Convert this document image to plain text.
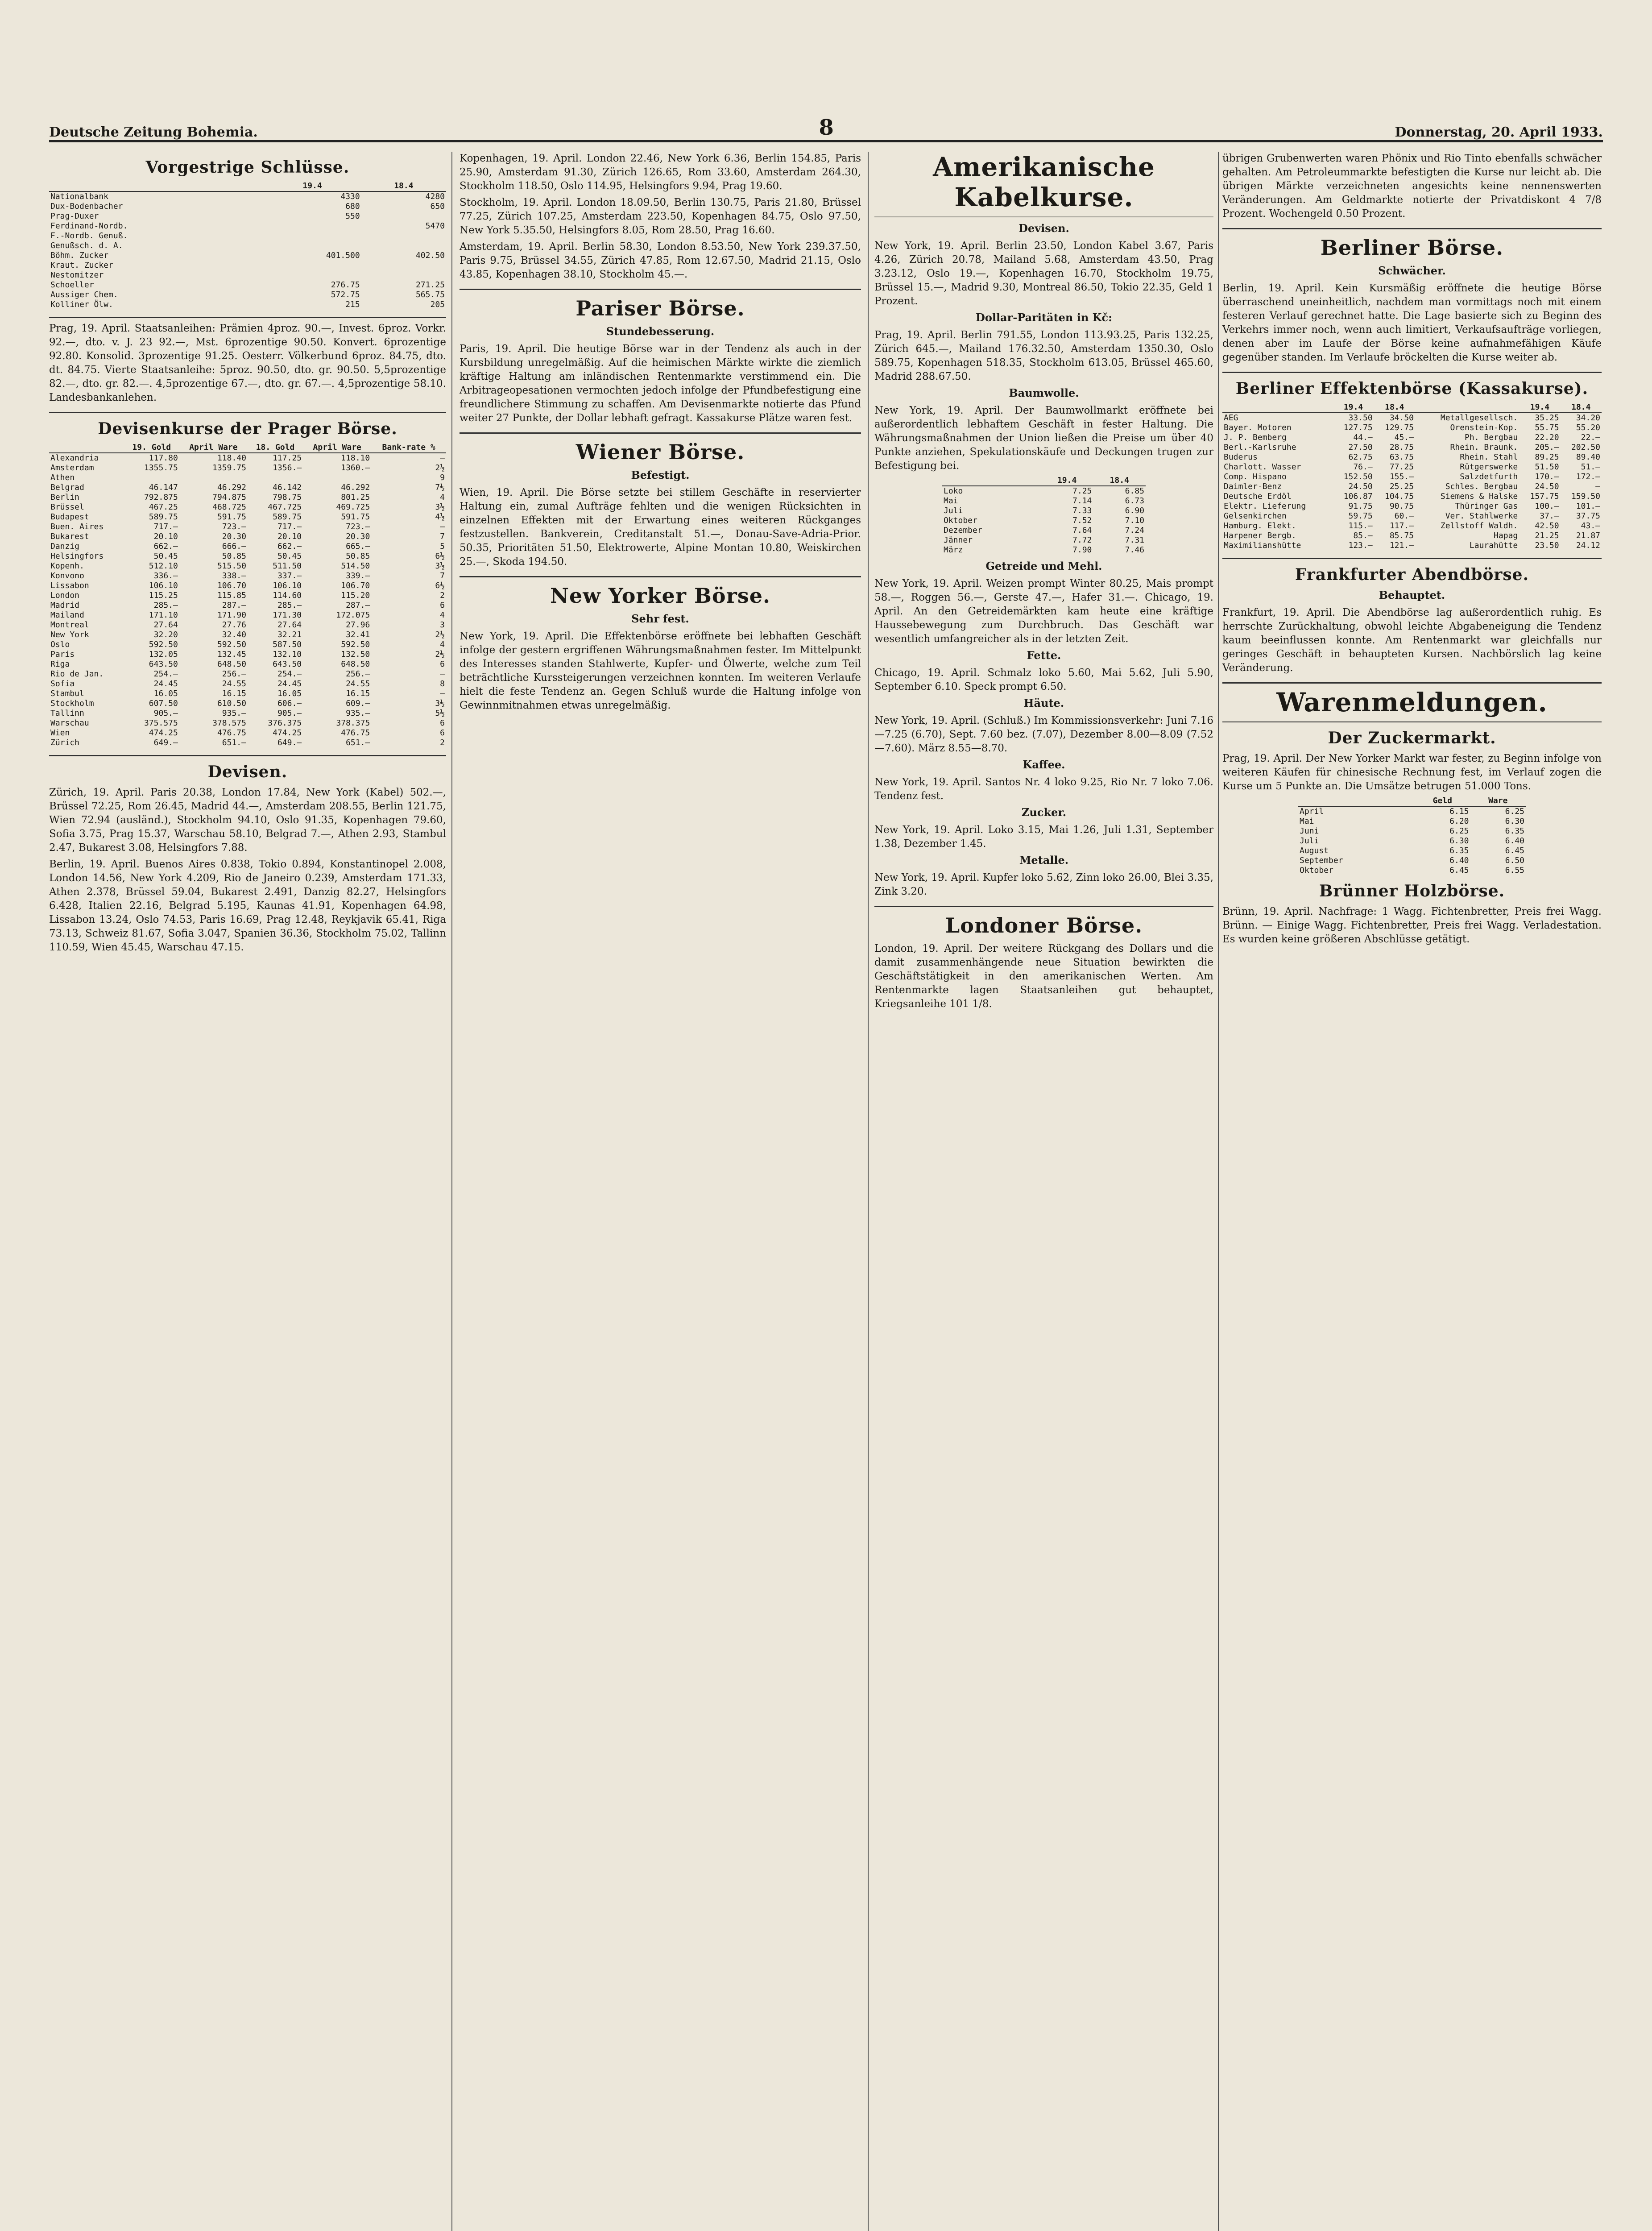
Deutsche Zeitung Bohemia.	8	Donnerstag, 20. April 1933.
Vorgestrige Schlüsse.
	19.4	18.4
Nationalbank	4330	4280
Dux-Bodenbacher	680	650
Prag-Duxer	550	
Ferdinand-Nordb.		5470
F.-Nordb. Genuß.		
Genußsch. d. A.		
Böhm. Zucker	401.500	402.50
Kraut. Zucker		
Nestomitzer		
Schoeller	276.75	271.25
Aussiger Chem.	572.75	565.75
Kolliner Ölw.	215	205

Prag, 19. April. Staatsanleihen: Prämien 4proz. 90.—, Invest. 6proz. Vorkr. 92.—, dto. v. J. 23 92.—, Mst. 6prozentige 90.50. Konvert. 6prozentige 92.80. Konsolid. 3prozentige 91.25. Oesterr. Völkerbund 6proz. 84.75, dto. dt. 84.75. Vierte Staatsanleihe: 5proz. 90.50, dto. gr. 90.50. 5,5prozentige 82.—, dto. gr. 82.—. 4,5prozentige 67.—, dto. gr. 67.—. 4,5prozentige 58.10. Landesbankanlehen.

Devisenkurse der Prager Börse.
	19. Gold	April Ware	18. Gold	April Ware	Bank-rate %
Alexandria	117.80	118.40	117.25	118.10	—
Amsterdam	1355.75	1359.75	1356.—	1360.—	2½
Athen					9
Belgrad	46.147	46.292	46.142	46.292	7½
Berlin	792.875	794.875	798.75	801.25	4
Brüssel	467.25	468.725	467.725	469.725	3½
Budapest	589.75	591.75	589.75	591.75	4½
Buen. Aires	717.—	723.—	717.—	723.—	—
Bukarest	20.10	20.30	20.10	20.30	7
Danzig	662.—	666.—	662.—	665.—	5
Helsingfors	50.45	50.85	50.45	50.85	6½
Kopenh.	512.10	515.50	511.50	514.50	3½
Konvono	336.—	338.—	337.—	339.—	7
Lissabon	106.10	106.70	106.10	106.70	6½
London	115.25	115.85	114.60	115.20	2
Madrid	285.—	287.—	285.—	287.—	6
Mailand	171.10	171.90	171.30	172.075	4
Montreal	27.64	27.76	27.64	27.96	3
New York	32.20	32.40	32.21	32.41	2½
Oslo	592.50	592.50	587.50	592.50	4
Paris	132.05	132.45	132.10	132.50	2½
Riga	643.50	648.50	643.50	648.50	6
Rio de Jan.	254.—	256.—	254.—	256.—	—
Sofia	24.45	24.55	24.45	24.55	8
Stambul	16.05	16.15	16.05	16.15	—
Stockholm	607.50	610.50	606.—	609.—	3½
Tallinn	905.—	935.—	905.—	935.—	5½
Warschau	375.575	378.575	376.375	378.375	6
Wien	474.25	476.75	474.25	476.75	6
Zürich	649.—	651.—	649.—	651.—	2
Devisen.

Zürich, 19. April. Paris 20.38, London 17.84, New York (Kabel) 502.—, Brüssel 72.25, Rom 26.45, Madrid 44.—, Amsterdam 208.55, Berlin 121.75, Wien 72.94 (ausländ.), Stockholm 94.10, Oslo 91.35, Kopenhagen 79.60, Sofia 3.75, Prag 15.37, Warschau 58.10, Belgrad 7.—, Athen 2.93, Stambul 2.47, Bukarest 3.08, Helsingfors 7.88.

Berlin, 19. April. Buenos Aires 0.838, Tokio 0.894, Konstantinopel 2.008, London 14.56, New York 4.209, Rio de Janeiro 0.239, Amsterdam 171.33, Athen 2.378, Brüssel 59.04, Bukarest 2.491, Danzig 82.27, Helsingfors 6.428, Italien 22.16, Belgrad 5.195, Kaunas 41.91, Kopenhagen 64.98, Lissabon 13.24, Oslo 74.53, Paris 16.69, Prag 12.48, Reykjavik 65.41, Riga 73.13, Schweiz 81.67, Sofia 3.047, Spanien 36.36, Stockholm 75.02, Tallinn 110.59, Wien 45.45, Warschau 47.15.

Kopenhagen, 19. April. London 22.46, New York 6.36, Berlin 154.85, Paris 25.90, Amsterdam 91.30, Zürich 126.65, Rom 33.60, Amsterdam 264.30, Stockholm 118.50, Oslo 114.95, Helsingfors 9.94, Prag 19.60.

Stockholm, 19. April. London 18.09.50, Berlin 130.75, Paris 21.80, Brüssel 77.25, Zürich 107.25, Amsterdam 223.50, Kopenhagen 84.75, Oslo 97.50, New York 5.35.50, Helsingfors 8.05, Rom 28.50, Prag 16.60.

Amsterdam, 19. April. Berlin 58.30, London 8.53.50, New York 239.37.50, Paris 9.75, Brüssel 34.55, Zürich 47.85, Rom 12.67.50, Madrid 21.15, Oslo 43.85, Kopenhagen 38.10, Stockholm 45.—.

Pariser Börse.
Stundebesserung.

Paris, 19. April. Die heutige Börse war in der Tendenz als auch in der Kursbildung unregelmäßig. Auf die heimischen Märkte wirkte die ziemlich kräftige Haltung am inländischen Rentenmarkte verstimmend ein. Die Arbitrageopesationen vermochten jedoch infolge der Pfundbefestigung eine freundlichere Stimmung zu schaffen. Am Devisenmarkte notierte das Pfund weiter 27 Punkte, der Dollar lebhaft gefragt. Kassakurse Plätze waren fest.

Wiener Börse.
Befestigt.

Wien, 19. April. Die Börse setzte bei stillem Geschäfte in reservierter Haltung ein, zumal Aufträge fehlten und die wenigen Rücksichten in einzelnen Effekten mit der Erwartung eines weiteren Rückganges festzustellen. Bankverein, Creditanstalt 51.—, Donau-Save-Adria-Prior. 50.35, Prioritäten 51.50, Elektrowerte, Alpine Montan 10.80, Weiskirchen 25.—, Skoda 194.50.

New Yorker Börse.
Sehr fest.

New York, 19. April. Die Effektenbörse eröffnete bei lebhaften Geschäft infolge der gestern ergriffenen Währungsmaßnahmen fester. Im Mittelpunkt des Interesses standen Stahlwerte, Kupfer- und Ölwerte, welche zum Teil beträchtliche Kurssteigerungen verzeichnen konnten. Im weiteren Verlaufe hielt die feste Tendenz an. Gegen Schluß wurde die Haltung infolge von Gewinnmitnahmen etwas unregelmäßig.

Amerikanische Kabelkurse.
Devisen.

New York, 19. April. Berlin 23.50, London Kabel 3.67, Paris 4.26, Zürich 20.78, Mailand 5.68, Amsterdam 43.50, Prag 3.23.12, Oslo 19.—, Kopenhagen 16.70, Stockholm 19.75, Brüssel 15.—, Madrid 9.30, Montreal 86.50, Tokio 22.35, Geld 1 Prozent.

Dollar-Paritäten in Kč:

Prag, 19. April. Berlin 791.55, London 113.93.25, Paris 132.25, Zürich 645.—, Mailand 176.32.50, Amsterdam 1350.30, Oslo 589.75, Kopenhagen 518.35, Stockholm 613.05, Brüssel 465.60, Madrid 288.67.50.

Baumwolle.

New York, 19. April. Der Baumwollmarkt eröffnete bei außerordentlich lebhaftem Geschäft in fester Haltung. Die Währungsmaßnahmen der Union ließen die Preise um über 40 Punkte anziehen, Spekulationskäufe und Deckungen trugen zur Befestigung bei.

	19.4	18.4
Loko	7.25	6.85
Mai	7.14	6.73
Juli	7.33	6.90
Oktober	7.52	7.10
Dezember	7.64	7.24
Jänner	7.72	7.31
März	7.90	7.46
Getreide und Mehl.

New York, 19. April. Weizen prompt Winter 80.25, Mais prompt 58.—, Roggen 56.—, Gerste 47.—, Hafer 31.—. Chicago, 19. April. An den Getreidemärkten kam heute eine kräftige Haussebewegung zum Durchbruch. Das Geschäft war wesentlich umfangreicher als in der letzten Zeit.

Fette.

Chicago, 19. April. Schmalz loko 5.60, Mai 5.62, Juli 5.90, September 6.10. Speck prompt 6.50.

Häute.

New York, 19. April. (Schluß.) Im Kommissionsverkehr: Juni 7.16—7.25 (6.70), Sept. 7.60 bez. (7.07), Dezember 8.00—8.09 (7.52—7.60). März 8.55—8.70.

Kaffee.

New York, 19. April. Santos Nr. 4 loko 9.25, Rio Nr. 7 loko 7.06. Tendenz fest.

Zucker.

New York, 19. April. Loko 3.15, Mai 1.26, Juli 1.31, September 1.38, Dezember 1.45.

Metalle.

New York, 19. April. Kupfer loko 5.62, Zinn loko 26.00, Blei 3.35, Zink 3.20.

Londoner Börse.

London, 19. April. Der weitere Rückgang des Dollars und die damit zusammenhängende neue Situation bewirkten die Geschäftstätigkeit in den amerikanischen Werten. Am Rentenmarkte lagen Staatsanleihen gut behauptet, Kriegsanleihe 101 1/8.

übrigen Grubenwerten waren Phönix und Rio Tinto ebenfalls schwächer gehalten. Am Petroleummarkte befestigten die Kurse nur leicht ab. Die übrigen Märkte verzeichneten angesichts keine nennenswerten Veränderungen. Am Geldmarkte notierte der Privatdiskont 4 7/8 Prozent. Wochengeld 0.50 Prozent.

Berliner Börse.
Schwächer.

Berlin, 19. April. Kein Kursmäßig eröffnete die heutige Börse überraschend uneinheitlich, nachdem man vormittags noch mit einem festeren Verlauf gerechnet hatte. Die Lage basierte sich zu Beginn des Verkehrs immer noch, wenn auch limitiert, Verkaufsaufträge vorliegen, denen aber im Laufe der Börse keine aufnahmefähigen Käufe gegenüber standen. Im Verlaufe bröckelten die Kurse weiter ab.

Berliner Effektenbörse (Kassakurse).
	19.4	18.4		19.4	18.4
AEG	33.50	34.50	Metallgesellsch.	35.25	34.20
Bayer. Motoren	127.75	129.75	Orenstein-Kop.	55.75	55.20
J. P. Bemberg	44.—	45.—	Ph. Bergbau	22.20	22.—
Berl.-Karlsruhe	27.50	28.75	Rhein. Braunk.	205.—	202.50
Buderus	62.75	63.75	Rhein. Stahl	89.25	89.40
Charlott. Wasser	76.—	77.25	Rütgerswerke	51.50	51.—
Comp. Hispano	152.50	155.—	Salzdetfurth	170.—	172.—
Daimler-Benz	24.50	25.25	Schles. Bergbau	24.50	—
Deutsche Erdöl	106.87	104.75	Siemens & Halske	157.75	159.50
Elektr. Lieferung	91.75	90.75	Thüringer Gas	100.—	101.—
Gelsenkirchen	59.75	60.—	Ver. Stahlwerke	37.—	37.75
Hamburg. Elekt.	115.—	117.—	Zellstoff Waldh.	42.50	43.—
Harpener Bergb.	85.—	85.75	Hapag	21.25	21.87
Maximilianshütte	123.—	121.—	Laurahütte	23.50	24.12
Frankfurter Abendbörse.
Behauptet.

Frankfurt, 19. April. Die Abendbörse lag außerordentlich ruhig. Es herrschte Zurückhaltung, obwohl leichte Abgabeneigung die Tendenz kaum beeinflussen konnte. Am Rentenmarkt war gleichfalls nur geringes Geschäft in behaupteten Kursen. Nachbörslich lag keine Veränderung.

Warenmeldungen.
Der Zuckermarkt.

Prag, 19. April. Der New Yorker Markt war fester, zu Beginn infolge von weiteren Käufen für chinesische Rechnung fest, im Verlauf zogen die Kurse um 5 Punkte an. Die Umsätze betrugen 51.000 Tons.

	Geld	Ware
April	6.15	6.25
Mai	6.20	6.30
Juni	6.25	6.35
Juli	6.30	6.40
August	6.35	6.45
September	6.40	6.50
Oktober	6.45	6.55
Brünner Holzbörse.

Brünn, 19. April. Nachfrage: 1 Wagg. Fichtenbretter, Preis frei Wagg. Brünn. — Einige Wagg. Fichtenbretter, Preis frei Wagg. Verladestation. Es wurden keine größeren Abschlüsse getätigt.
